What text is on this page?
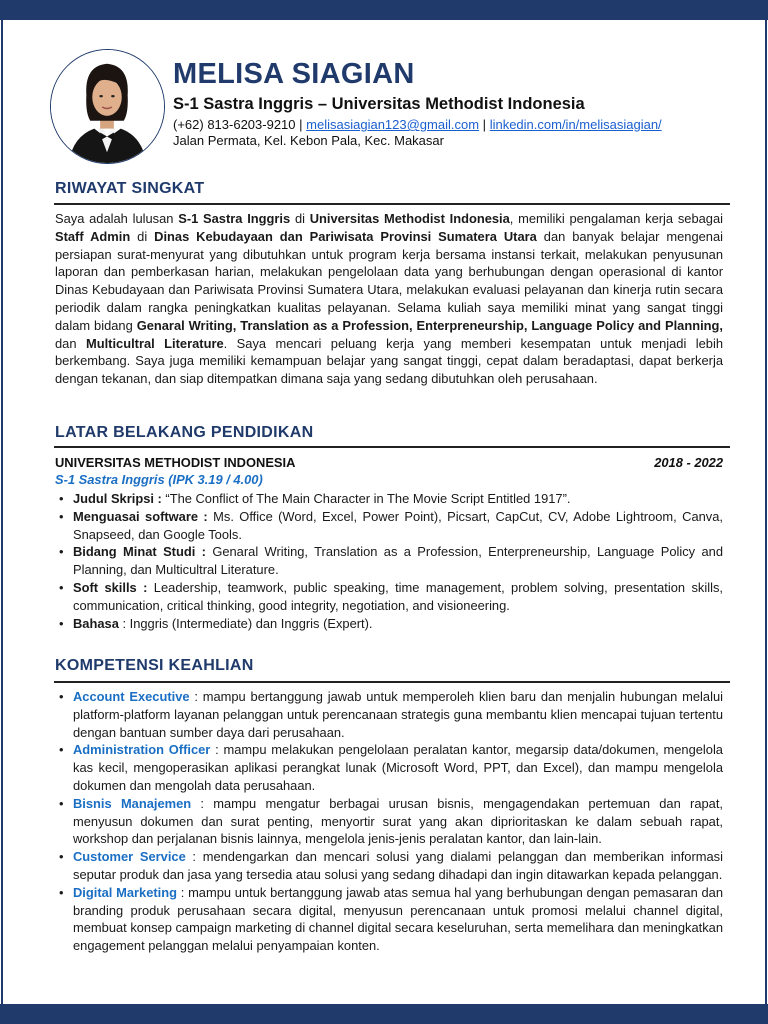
MELISA SIAGIAN
S-1 Sastra Inggris – Universitas Methodist Indonesia
(+62) 813-6203-9210 | melisasiagian123@gmail.com | linkedin.com/in/melisasiagian/
Jalan Permata, Kel. Kebon Pala, Kec. Makasar
RIWAYAT SINGKAT

Saya adalah lulusan S-1 Sastra Inggris di Universitas Methodist Indonesia, memiliki pengalaman kerja sebagai Staff Admin di Dinas Kebudayaan dan Pariwisata Provinsi Sumatera Utara dan banyak belajar mengenai persiapan surat-menyurat yang dibutuhkan untuk program kerja bersama instansi terkait, melakukan penyusunan laporan dan pemberkasan harian, melakukan pengelolaan data yang berhubungan dengan operasional di kantor Dinas Kebudayaan dan Pariwisata Provinsi Sumatera Utara, melakukan evaluasi pelayanan dan kinerja rutin secara periodik dalam rangka peningkatkan kualitas pelayanan. Selama kuliah saya memiliki minat yang sangat tinggi dalam bidang Genaral Writing, Translation as a Profession, Enterpreneurship, Language Policy and Planning, dan Multicultral Literature. Saya mencari peluang kerja yang memberi kesempatan untuk menjadi lebih berkembang. Saya juga memiliki kemampuan belajar yang sangat tinggi, cepat dalam beradaptasi, dapat berkerja dengan tekanan, dan siap ditempatkan dimana saja yang sedang dibutuhkan oleh perusahaan.

LATAR BELAKANG PENDIDIKAN
UNIVERSITAS METHODIST INDONESIA	2018 - 2022
S-1 Sastra Inggris (IPK 3.19 / 4.00)
• Judul Skripsi : “The Conflict of The Main Character in The Movie Script Entitled 1917”.
• Menguasai software : Ms. Office (Word, Excel, Power Point), Picsart, CapCut, CV, Adobe Lightroom, Canva, Snapseed, dan Google Tools.
• Bidang Minat Studi : Genaral Writing, Translation as a Profession, Enterpreneurship, Language Policy and Planning, dan Multicultral Literature.
• Soft skills : Leadership, teamwork, public speaking, time management, problem solving, presentation skills, communication, critical thinking, good integrity, negotiation, and visioneering.
• Bahasa : Inggris (Intermediate) dan Inggris (Expert).
KOMPETENSI KEAHLIAN
• Account Executive : mampu bertanggung jawab untuk memperoleh klien baru dan menjalin hubungan melalui platform-platform layanan pelanggan untuk perencanaan strategis guna membantu klien mencapai tujuan tertentu dengan bantuan sumber daya dari perusahaan.
• Administration Officer : mampu melakukan pengelolaan peralatan kantor, megarsip data/dokumen, mengelola kas kecil, mengoperasikan aplikasi perangkat lunak (Microsoft Word, PPT, dan Excel), dan mampu mengelola dokumen dan mengolah data perusahaan.
• Bisnis Manajemen : mampu mengatur berbagai urusan bisnis, mengagendakan pertemuan dan rapat, menyusun dokumen dan surat penting, menyortir surat yang akan diprioritaskan ke dalam sebuah rapat, workshop dan perjalanan bisnis lainnya, mengelola jenis-jenis peralatan kantor, dan lain-lain.
• Customer Service : mendengarkan dan mencari solusi yang dialami pelanggan dan memberikan informasi seputar produk dan jasa yang tersedia atau solusi yang sedang dihadapi dan ingin ditawarkan kepada pelanggan.
• Digital Marketing : mampu untuk bertanggung jawab atas semua hal yang berhubungan dengan pemasaran dan branding produk perusahaan secara digital, menyusun perencanaan untuk promosi melalui channel digital, membuat konsep campaign marketing di channel digital secara keseluruhan, serta memelihara dan meningkatkan engagement pelanggan melalui penyampaian konten.
